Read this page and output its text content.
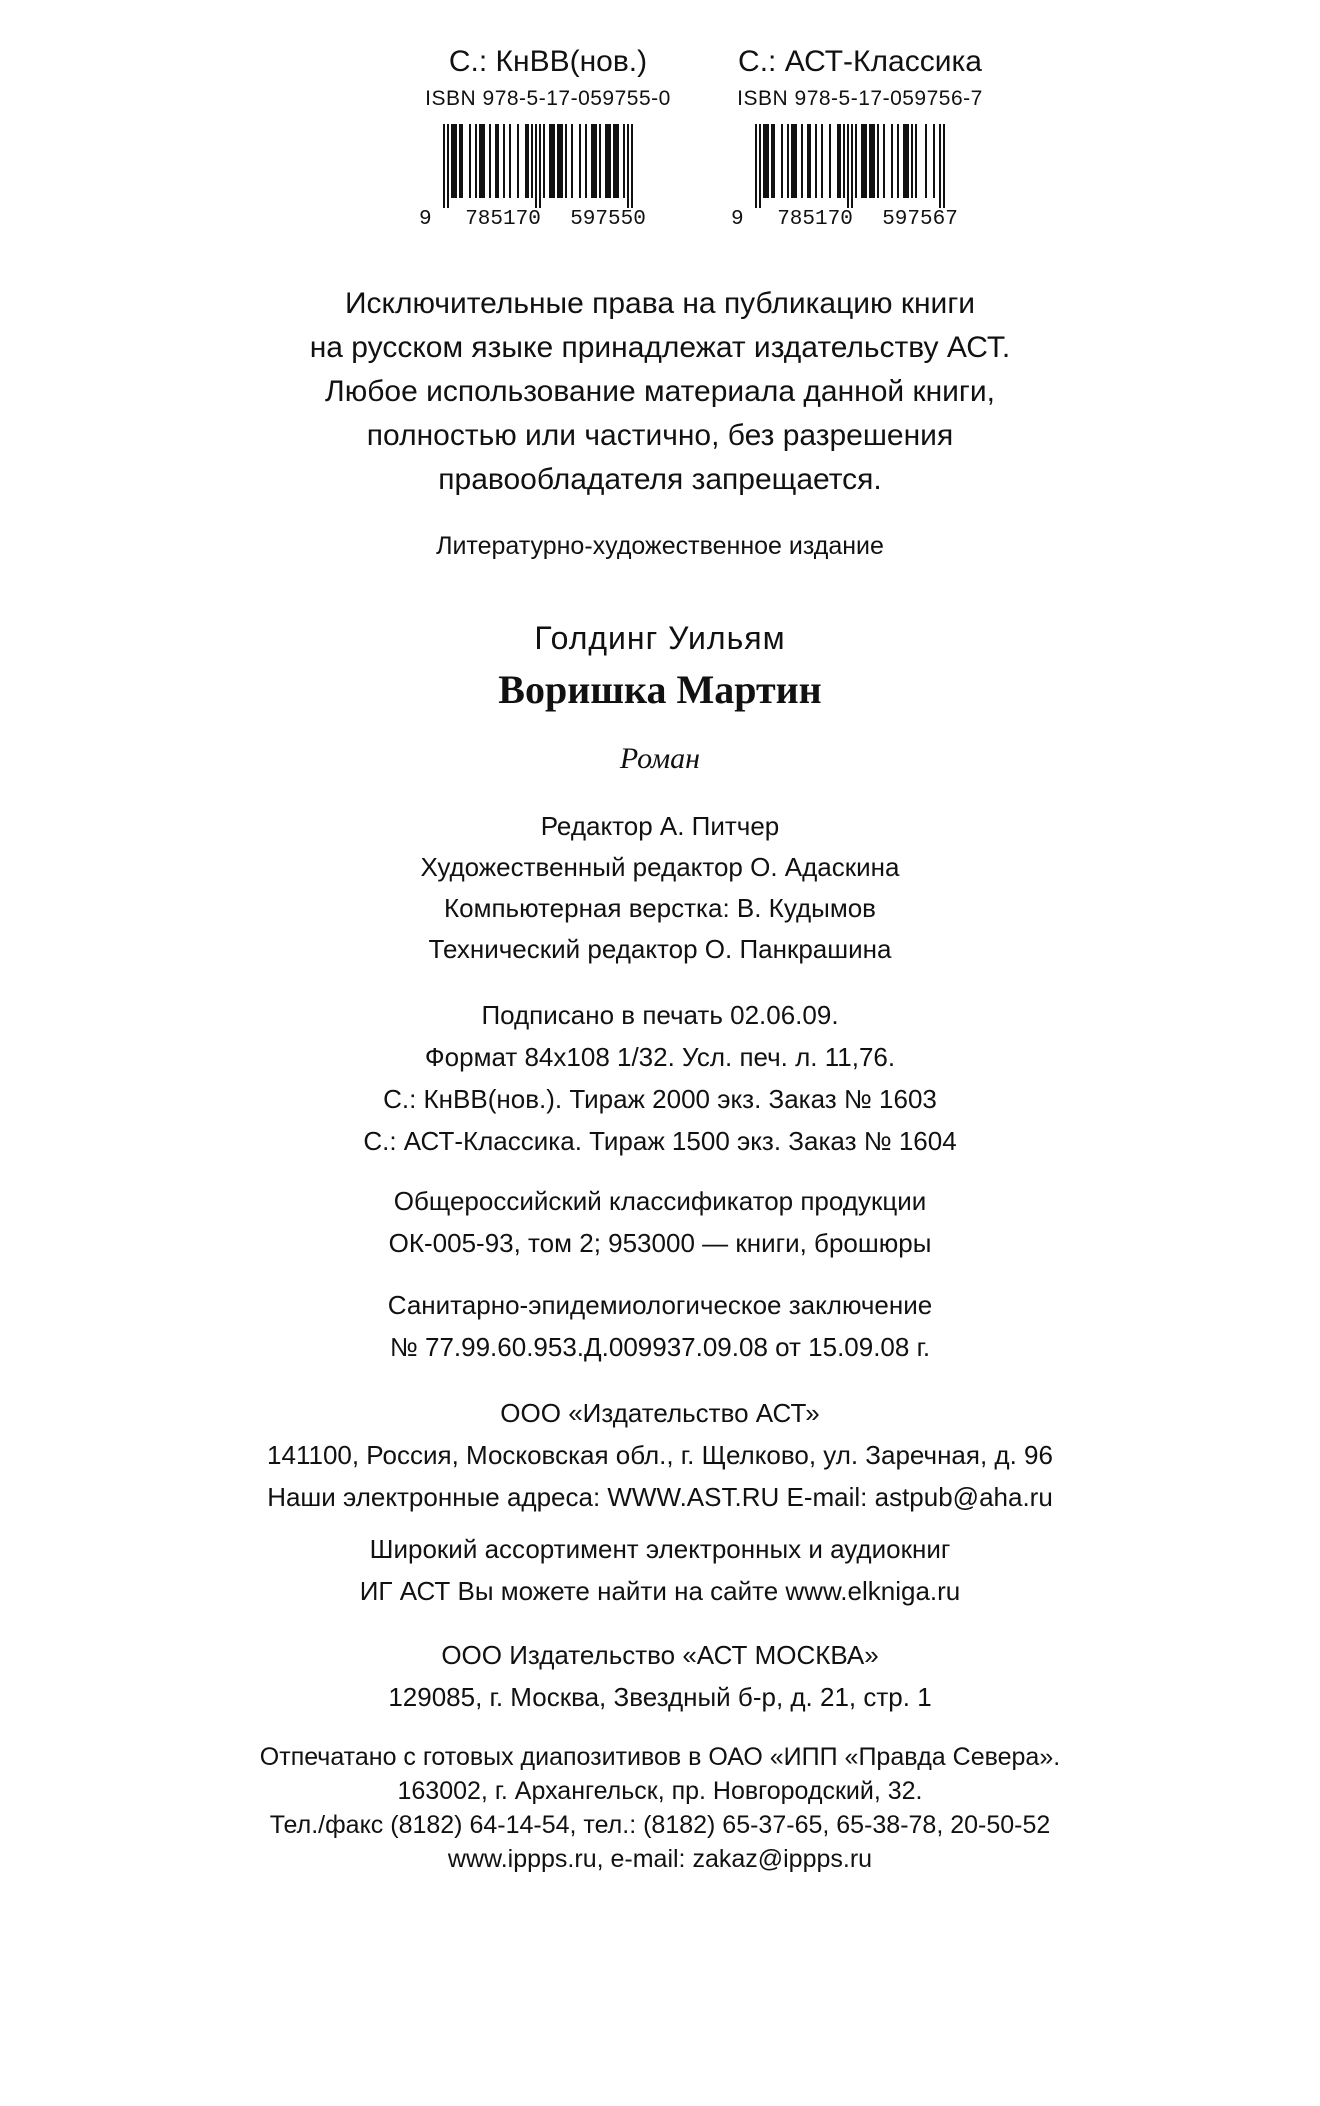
С.: КнВВ(нов.)
ISBN 978-5-17-059755-0
9 785170 597550
С.: АСТ-Классика
ISBN 978-5-17-059756-7
9 785170 597567
Исключительные права на публикацию книги
на русском языке принадлежат издательству АСТ.
Любое использование материала данной книги,
полностью или частично, без разрешения
правообладателя запрещается.
Литературно-художественное издание
Голдинг Уильям
Воришка Мартин
Роман
Редактор А. Питчер
Художественный редактор О. Адаскина
Компьютерная верстка: В. Кудымов
Технический редактор О. Панкрашина
Подписано в печать 02.06.09.
Формат 84x108 1/32. Усл. печ. л. 11,76.
С.: КнВВ(нов.). Тираж 2000 экз. Заказ № 1603
С.: АСТ-Классика. Тираж 1500 экз. Заказ № 1604
Общероссийский классификатор продукции
ОК-005-93, том 2; 953000 — книги, брошюры
Санитарно-эпидемиологическое заключение
№ 77.99.60.953.Д.009937.09.08 от 15.09.08 г.
ООО «Издательство АСТ»
141100, Россия, Московская обл., г. Щелково, ул. Заречная, д. 96
Наши электронные адреса: WWW.AST.RU E-mail: astpub@aha.ru
Широкий ассортимент электронных и аудиокниг
ИГ АСТ Вы можете найти на сайте www.elkniga.ru
ООО Издательство «АСТ МОСКВА»
129085, г. Москва, Звездный б-р, д. 21, стр. 1
Отпечатано с готовых диапозитивов в ОАО «ИПП «Правда Севера».
163002, г. Архангельск, пр. Новгородский, 32.
Тел./факс (8182) 64-14-54, тел.: (8182) 65-37-65, 65-38-78, 20-50-52
www.ippps.ru, e-mail: zakaz@ippps.ru
